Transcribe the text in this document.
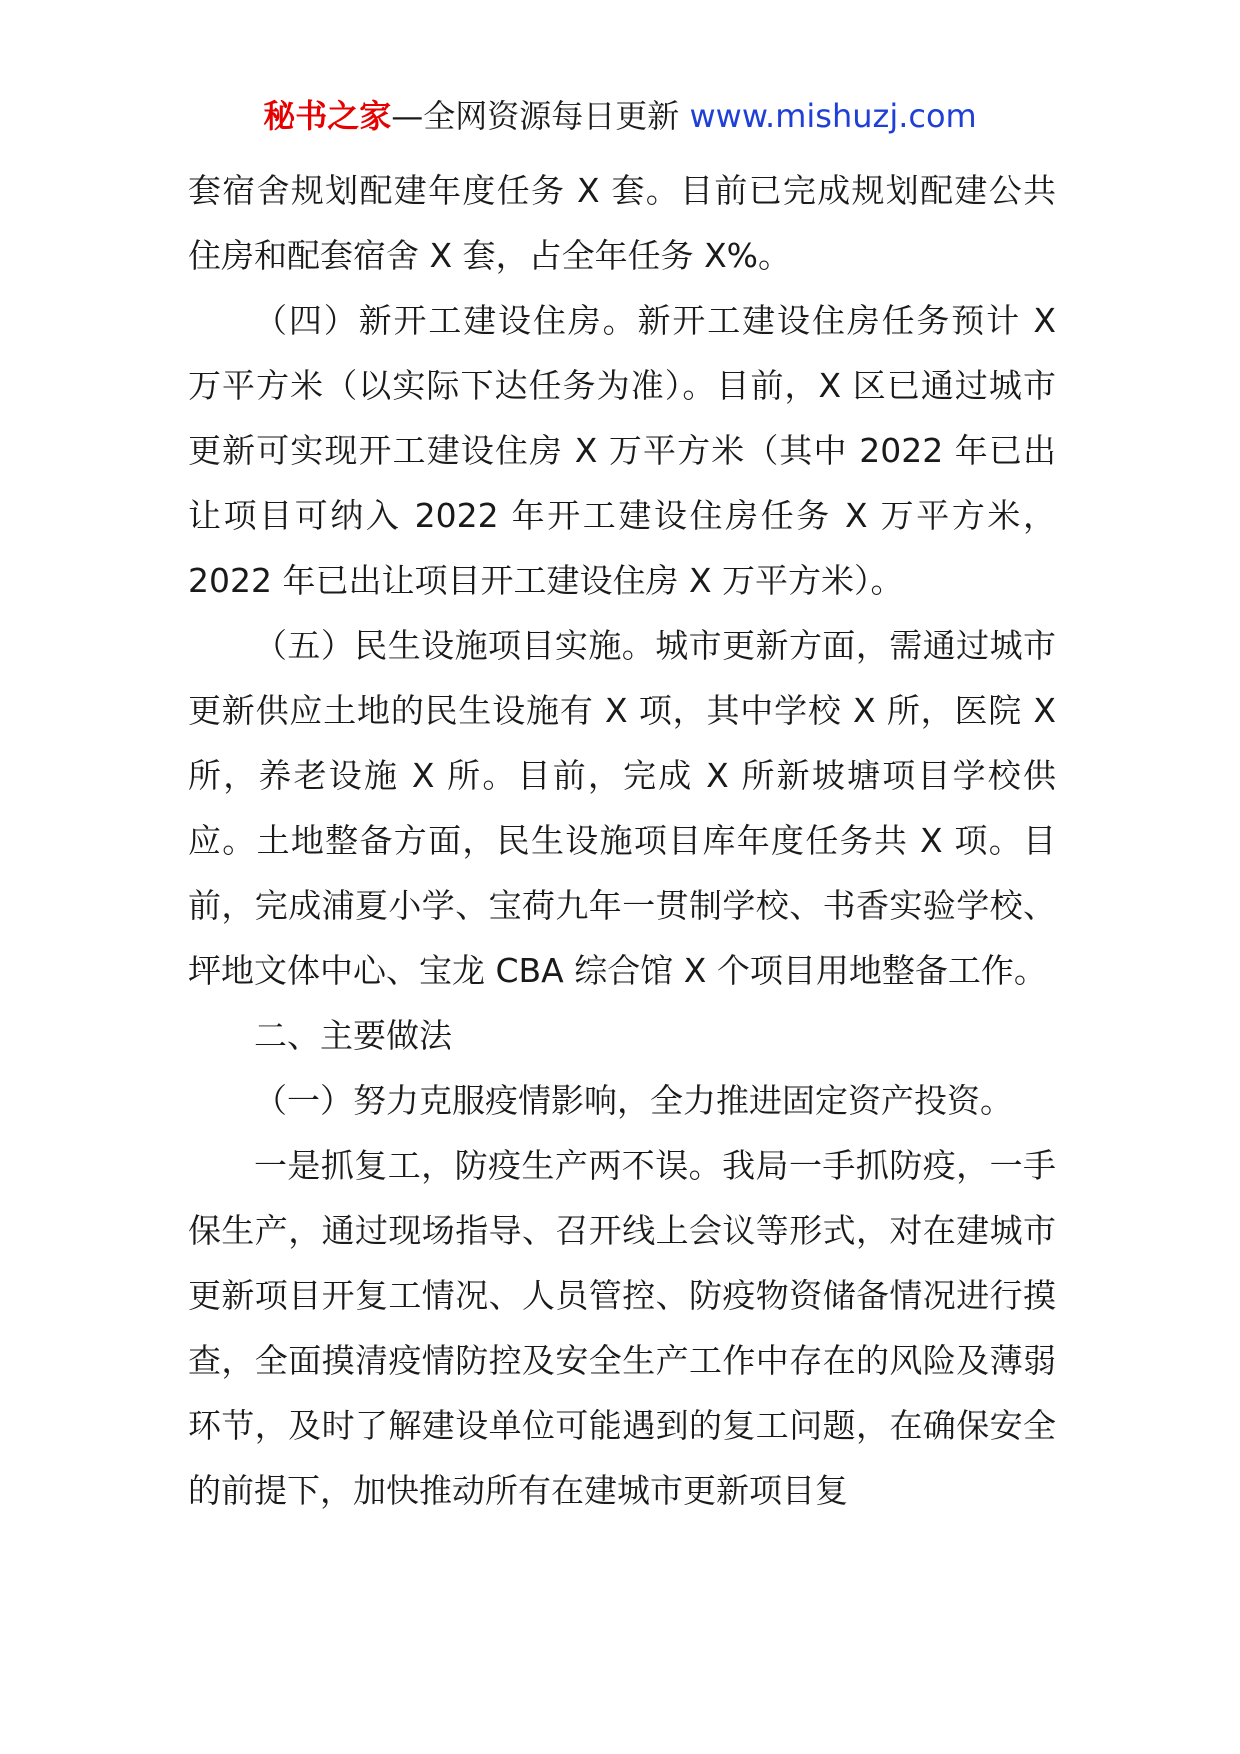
秘书之家—全网资源每日更新 www.mishuzj.com

套宿舍规划配建年度任务 X 套。目前已完成规划配建公共住房和配套宿舍 X 套，占全年任务 X%。

（四）新开工建设住房。新开工建设住房任务预计 X 万平方米（以实际下达任务为准）。目前，X 区已通过城市更新可实现开工建设住房 X 万平方米（其中 2022 年已出让项目可纳入 2022 年开工建设住房任务 X 万平方米，2022 年已出让项目开工建设住房 X 万平方米）。

（五）民生设施项目实施。城市更新方面，需通过城市更新供应土地的民生设施有 X 项，其中学校 X 所，医院 X 所，养老设施 X 所。目前，完成 X 所新坡塘项目学校供应。土地整备方面，民生设施项目库年度任务共 X 项。目前，完成浦夏小学、宝荷九年一贯制学校、书香实验学校、坪地文体中心、宝龙 CBA 综合馆 X 个项目用地整备工作。

二、主要做法

（一）努力克服疫情影响，全力推进固定资产投资。

一是抓复工，防疫生产两不误。我局一手抓防疫，一手保生产，通过现场指导、召开线上会议等形式，对在建城市更新项目开复工情况、人员管控、防疫物资储备情况进行摸查，全面摸清疫情防控及安全生产工作中存在的风险及薄弱环节，及时了解建设单位可能遇到的复工问题，在确保安全的前提下，加快推动所有在建城市更新项目复
